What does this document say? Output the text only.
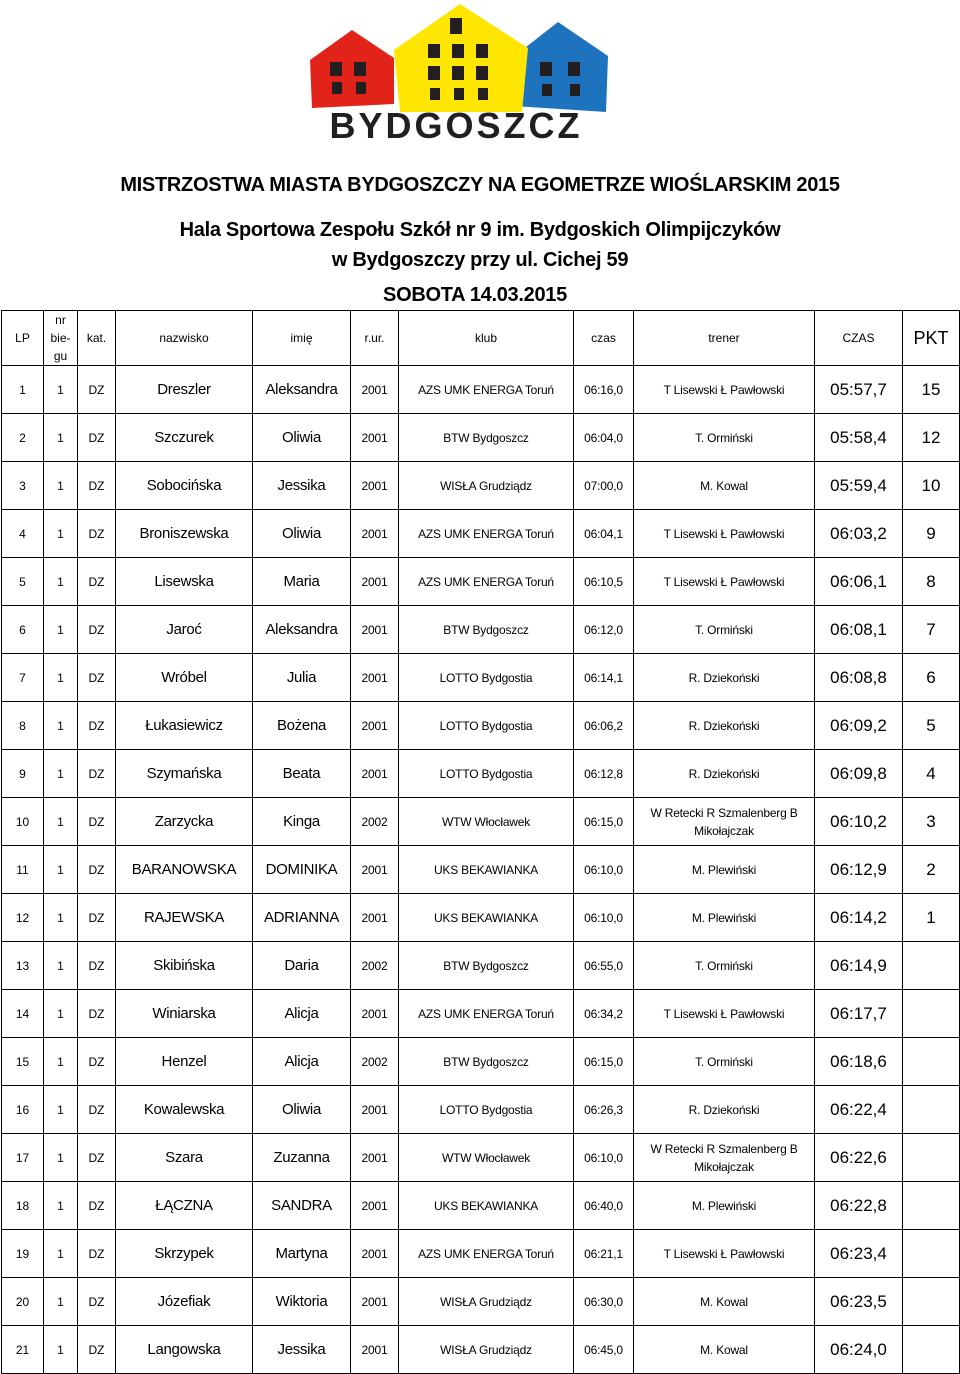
BYDGOSZCZ
MISTRZOSTWA MIASTA BYDGOSZCZY NA EGOMETRZE WIOŚLARSKIM 2015
Hala Sportowa Zespołu Szkół nr 9 im. Bydgoskich Olimpijczyków
w Bydgoszczy przy ul. Cichej 59
SOBOTA 14.03.2015
LP	nr bie- gu	kat.	nazwisko	imię	r.ur.	klub	czas	trener	CZAS	PKT
1	1	DZ	Dreszler	Aleksandra	2001	AZS UMK ENERGA Toruń	06:16,0	T Lisewski Ł Pawłowski	05:57,7	15
2	1	DZ	Szczurek	Oliwia	2001	BTW Bydgoszcz	06:04,0	T. Ormiński	05:58,4	12
3	1	DZ	Sobocińska	Jessika	2001	WISŁA Grudziądz	07:00,0	M. Kowal	05:59,4	10
4	1	DZ	Broniszewska	Oliwia	2001	AZS UMK ENERGA Toruń	06:04,1	T Lisewski Ł Pawłowski	06:03,2	9
5	1	DZ	Lisewska	Maria	2001	AZS UMK ENERGA Toruń	06:10,5	T Lisewski Ł Pawłowski	06:06,1	8
6	1	DZ	Jaroć	Aleksandra	2001	BTW Bydgoszcz	06:12,0	T. Ormiński	06:08,1	7
7	1	DZ	Wróbel	Julia	2001	LOTTO Bydgostia	06:14,1	R. Dziekoński	06:08,8	6
8	1	DZ	Łukasiewicz	Bożena	2001	LOTTO Bydgostia	06:06,2	R. Dziekoński	06:09,2	5
9	1	DZ	Szymańska	Beata	2001	LOTTO Bydgostia	06:12,8	R. Dziekoński	06:09,8	4
10	1	DZ	Zarzycka	Kinga	2002	WTW Włocławek	06:15,0	W Retecki R Szmalenberg B Mikołajczak	06:10,2	3
11	1	DZ	BARANOWSKA	DOMINIKA	2001	UKS BEKAWIANKA	06:10,0	M. Plewiński	06:12,9	2
12	1	DZ	RAJEWSKA	ADRIANNA	2001	UKS BEKAWIANKA	06:10,0	M. Plewiński	06:14,2	1
13	1	DZ	Skibińska	Daria	2002	BTW Bydgoszcz	06:55,0	T. Ormiński	06:14,9	
14	1	DZ	Winiarska	Alicja	2001	AZS UMK ENERGA Toruń	06:34,2	T Lisewski Ł Pawłowski	06:17,7	
15	1	DZ	Henzel	Alicja	2002	BTW Bydgoszcz	06:15,0	T. Ormiński	06:18,6	
16	1	DZ	Kowalewska	Oliwia	2001	LOTTO Bydgostia	06:26,3	R. Dziekoński	06:22,4	
17	1	DZ	Szara	Zuzanna	2001	WTW Włocławek	06:10,0	W Retecki R Szmalenberg B Mikołajczak	06:22,6	
18	1	DZ	ŁĄCZNA	SANDRA	2001	UKS BEKAWIANKA	06:40,0	M. Plewiński	06:22,8	
19	1	DZ	Skrzypek	Martyna	2001	AZS UMK ENERGA Toruń	06:21,1	T Lisewski Ł Pawłowski	06:23,4	
20	1	DZ	Józefiak	Wiktoria	2001	WISŁA Grudziądz	06:30,0	M. Kowal	06:23,5	
21	1	DZ	Langowska	Jessika	2001	WISŁA Grudziądz	06:45,0	M. Kowal	06:24,0	
